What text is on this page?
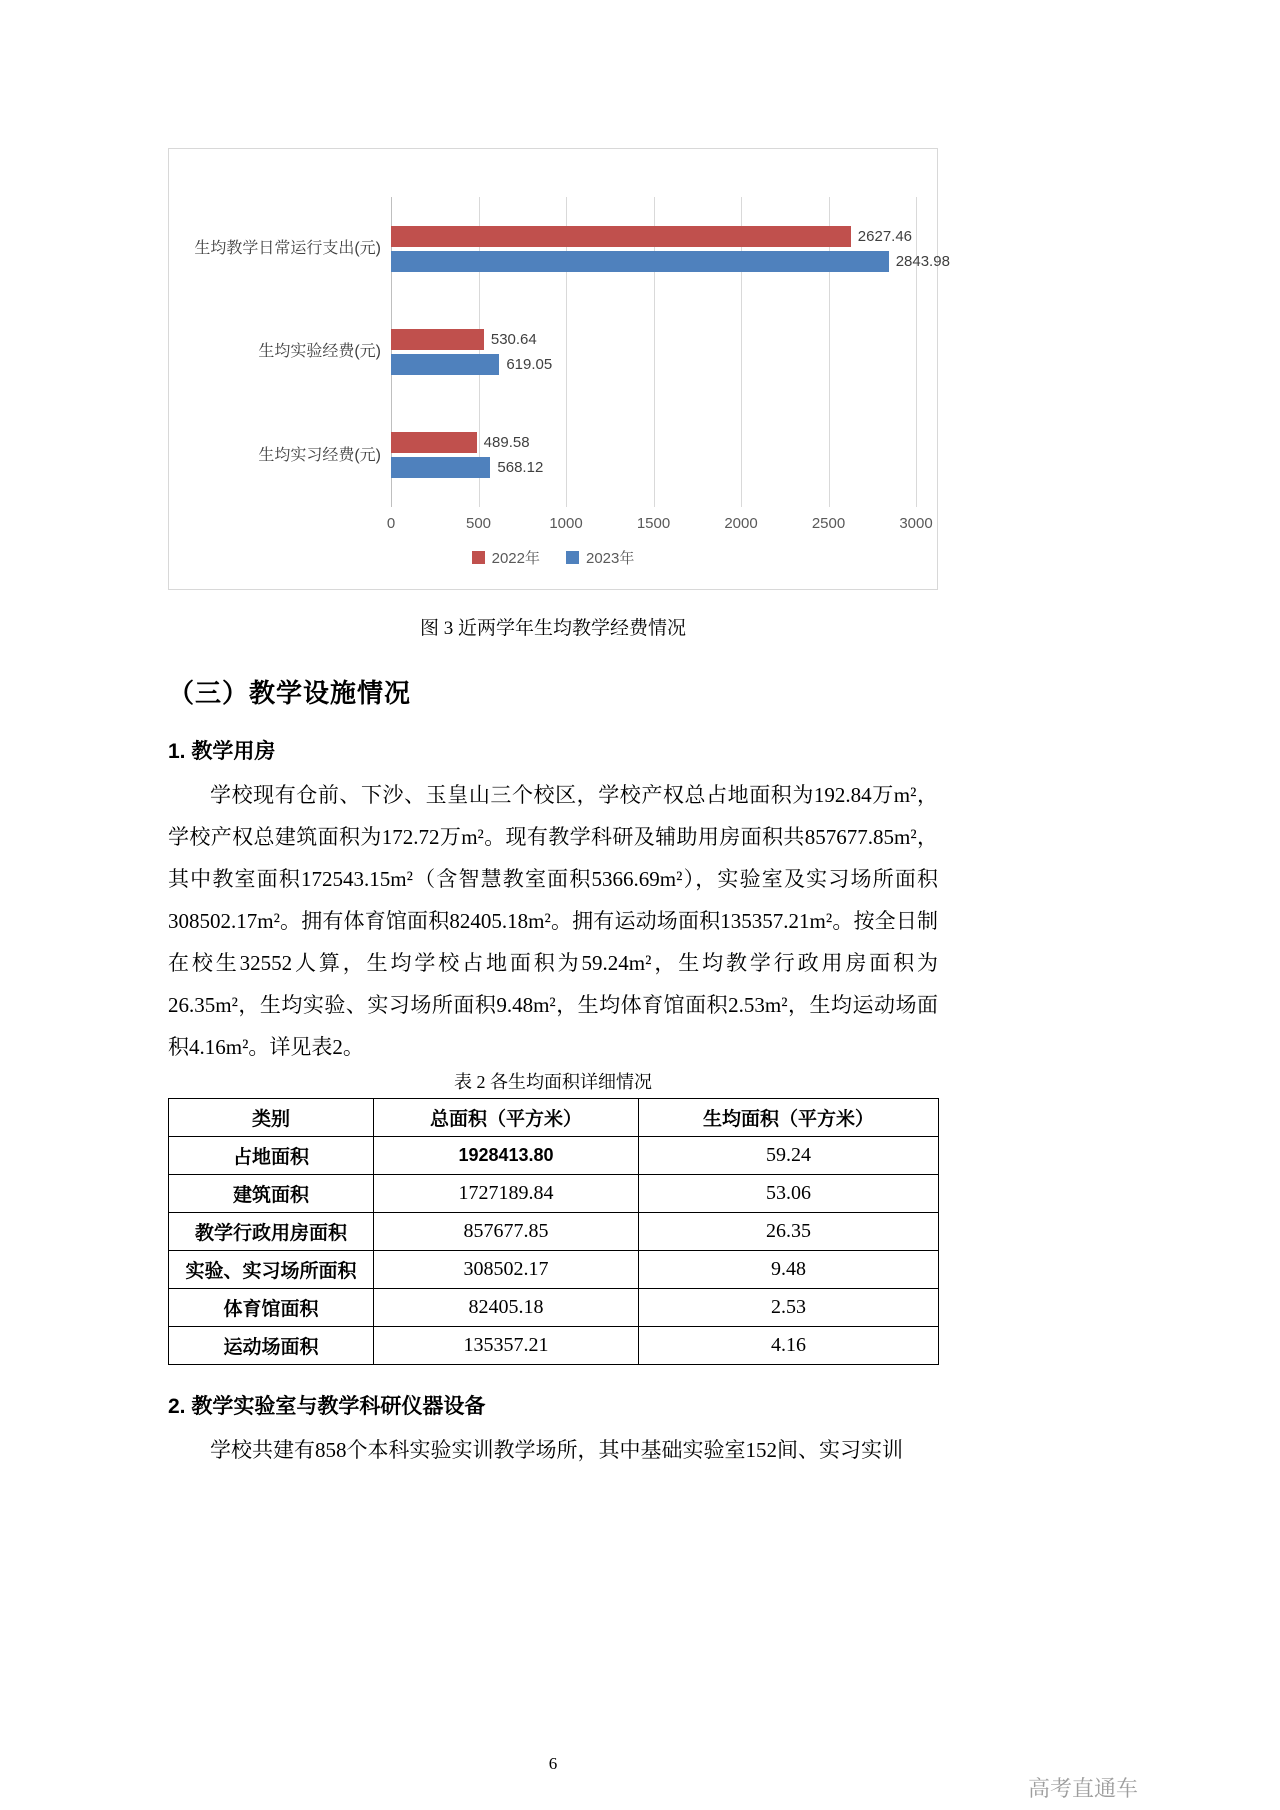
2627.46
2843.98
530.64
619.05
489.58
568.12
2022年	2023年
0	500	1000	1500	2000	2500	3000
生均教学日常运行支出(元)
生均实验经费(元)
生均实习经费(元)
图 3 近两学年生均教学经费情况
（三）教学设施情况
1. 教学用房

学校现有仓前、下沙、玉皇山三个校区，学校产权总占地面积为192.84万m²，学校产权总建筑面积为172.72万m²。现有教学科研及辅助用房面积共857677.85m²，其中教室面积172543.15m²（含智慧教室面积5366.69m²），实验室及实习场所面积308502.17m²。拥有体育馆面积82405.18m²。拥有运动场面积135357.21m²。按全日制在校生32552人算，生均学校占地面积为59.24m²，生均教学行政用房面积为26.35m²，生均实验、实习场所面积9.48m²，生均体育馆面积2.53m²，生均运动场面积4.16m²。详见表2。

表 2 各生均面积详细情况
类别	总面积（平方米）	生均面积（平方米）
占地面积	1928413.80	59.24
建筑面积	1727189.84	53.06
教学行政用房面积	857677.85	26.35
实验、实习场所面积	308502.17	9.48
体育馆面积	82405.18	2.53
运动场面积	135357.21	4.16
2. 教学实验室与教学科研仪器设备

学校共建有858个本科实验实训教学场所，其中基础实验室152间、实习实训

6
高考直通车
